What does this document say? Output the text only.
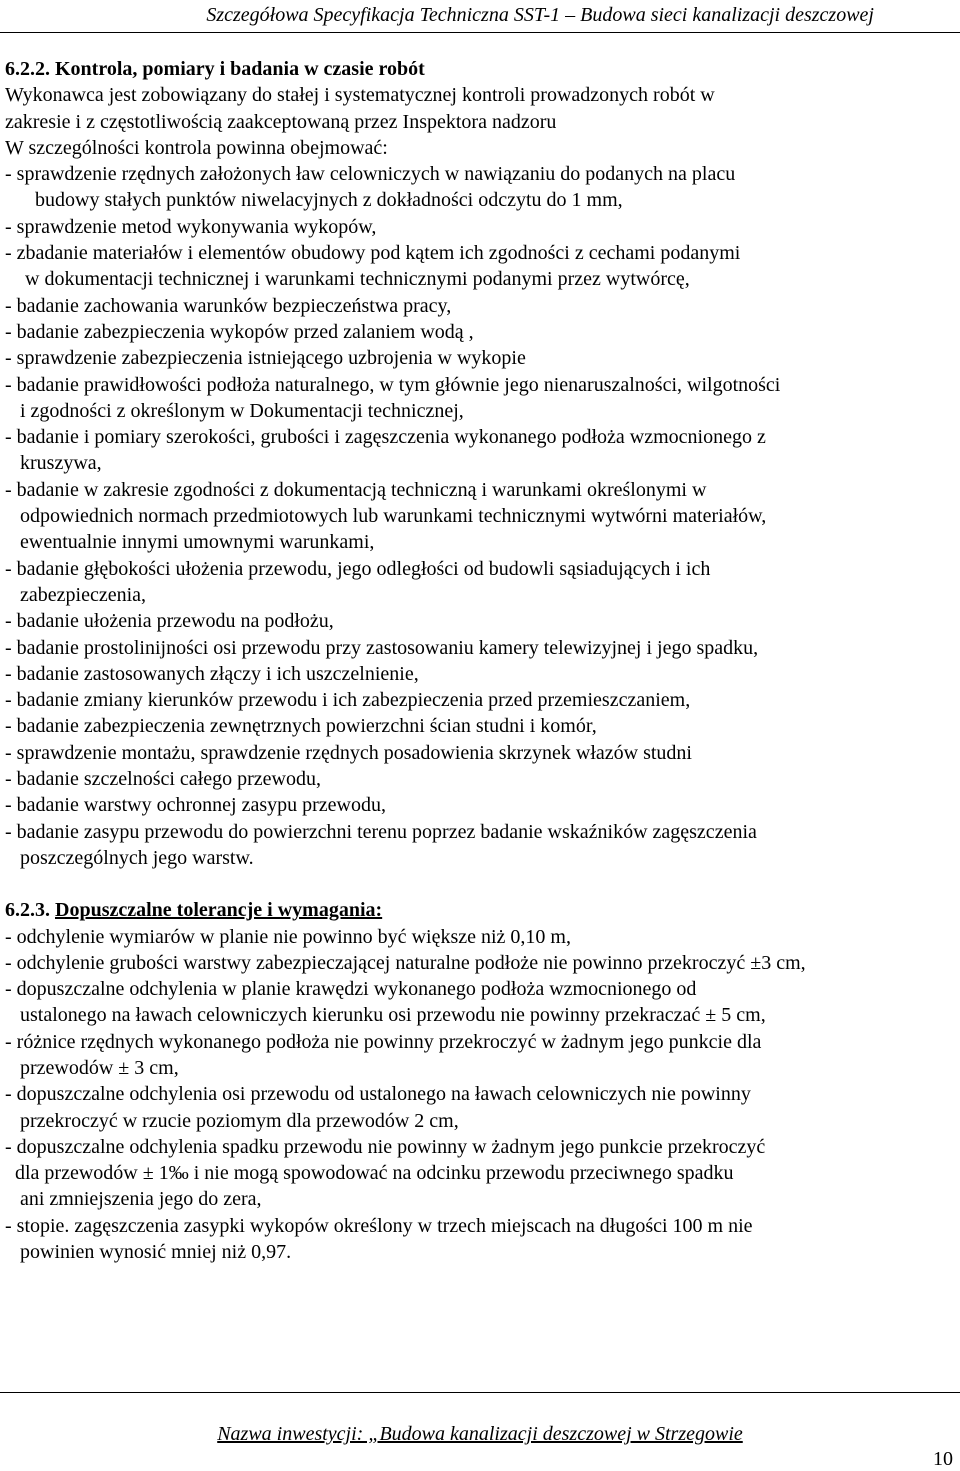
Szczegółowa Specyfikacja Techniczna SST-1 – Budowa sieci kanalizacji deszczowej
6.2.2. Kontrola, pomiary i badania w czasie robót
Wykonawca jest zobowiązany do stałej i systematycznej kontroli prowadzonych robót w
zakresie i z częstotliwością zaakceptowaną przez Inspektora nadzoru
W szczególności kontrola powinna obejmować:
- sprawdzenie rzędnych założonych ław celowniczych w nawiązaniu do podanych na placu
budowy stałych punktów niwelacyjnych z dokładności odczytu do 1 mm,
- sprawdzenie metod wykonywania wykopów,
- zbadanie materiałów i elementów obudowy pod kątem ich zgodności z cechami podanymi
w dokumentacji technicznej i warunkami technicznymi podanymi przez wytwórcę,
- badanie zachowania warunków bezpieczeństwa pracy,
- badanie zabezpieczenia wykopów przed zalaniem wodą ,
- sprawdzenie zabezpieczenia istniejącego uzbrojenia w wykopie
- badanie prawidłowości podłoża naturalnego, w tym głównie jego nienaruszalności, wilgotności
i zgodności z określonym w Dokumentacji technicznej,
- badanie i pomiary szerokości, grubości i zagęszczenia wykonanego podłoża wzmocnionego z
kruszywa,
- badanie w zakresie zgodności z dokumentacją techniczną i warunkami określonymi w
odpowiednich normach przedmiotowych lub warunkami technicznymi wytwórni materiałów,
ewentualnie innymi umownymi warunkami,
- badanie głębokości ułożenia przewodu, jego odległości od budowli sąsiadujących i ich
zabezpieczenia,
- badanie ułożenia przewodu na podłożu,
- badanie prostolinijności osi przewodu przy zastosowaniu kamery telewizyjnej i jego spadku,
- badanie zastosowanych złączy i ich uszczelnienie,
- badanie zmiany kierunków przewodu i ich zabezpieczenia przed przemieszczaniem,
- badanie zabezpieczenia zewnętrznych powierzchni ścian studni i komór,
- sprawdzenie montażu, sprawdzenie rzędnych posadowienia skrzynek włazów studni
- badanie szczelności całego przewodu,
- badanie warstwy ochronnej zasypu przewodu,
- badanie zasypu przewodu do powierzchni terenu poprzez badanie wskaźników zagęszczenia
poszczególnych jego warstw.
6.2.3. Dopuszczalne tolerancje i wymagania:
- odchylenie wymiarów w planie nie powinno być większe niż 0,10 m,
- odchylenie grubości warstwy zabezpieczającej naturalne podłoże nie powinno przekroczyć ±3 cm,
- dopuszczalne odchylenia w planie krawędzi wykonanego podłoża wzmocnionego od
ustalonego na ławach celowniczych kierunku osi przewodu nie powinny przekraczać ± 5 cm,
- różnice rzędnych wykonanego podłoża nie powinny przekroczyć w żadnym jego punkcie dla
przewodów ± 3 cm,
- dopuszczalne odchylenia osi przewodu od ustalonego na ławach celowniczych nie powinny
przekroczyć w rzucie poziomym dla przewodów 2 cm,
- dopuszczalne odchylenia spadku przewodu nie powinny w żadnym jego punkcie przekroczyć
dla przewodów ± 1‰ i nie mogą spowodować na odcinku przewodu przeciwnego spadku
ani zmniejszenia jego do zera,
- stopie. zagęszczenia zasypki wykopów określony w trzech miejscach na długości 100 m nie
powinien wynosić mniej niż 0,97.
Nazwa inwestycji: „Budowa kanalizacji deszczowej w Strzegowie
10
